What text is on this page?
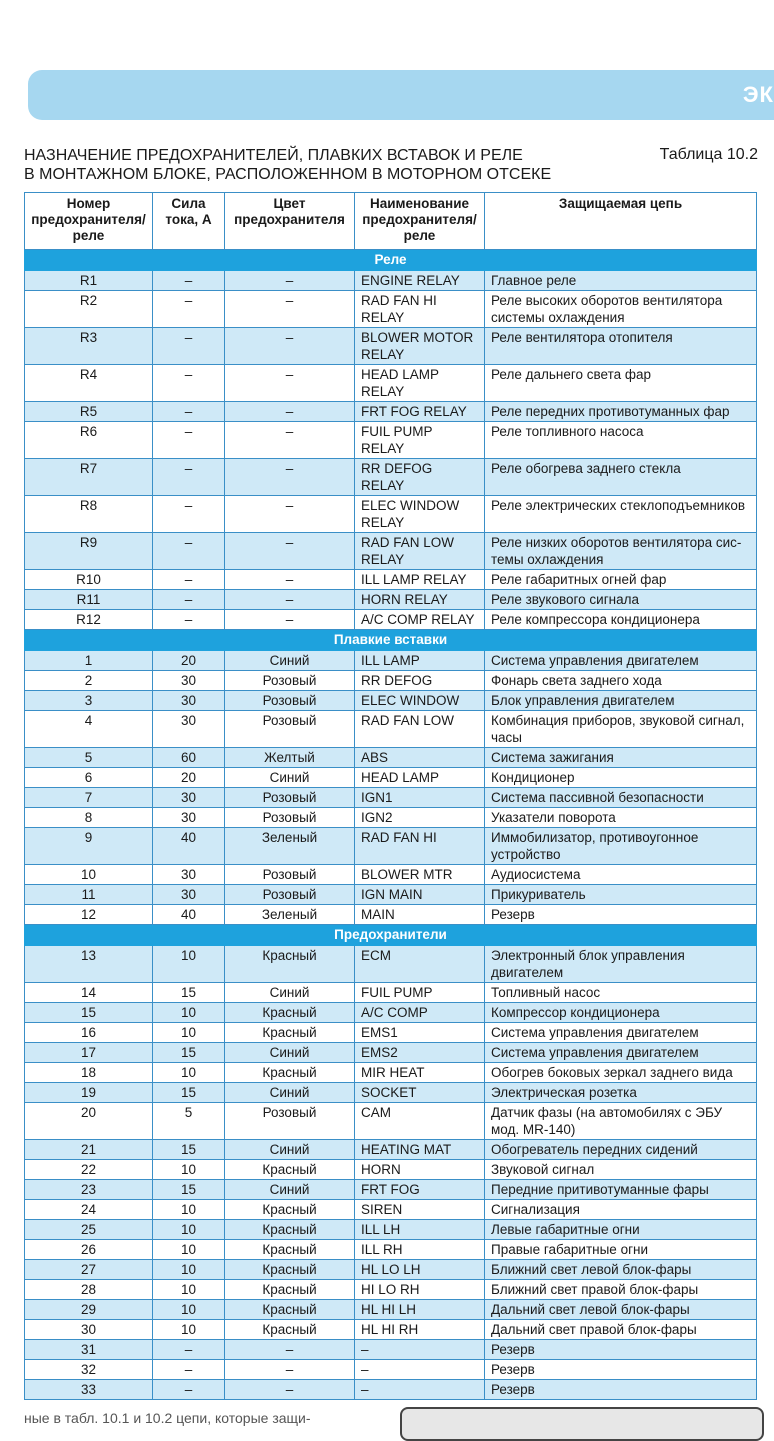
ЭК
НАЗНАЧЕНИЕ ПРЕДОХРАНИТЕЛЕЙ, ПЛАВКИХ ВСТАВОК И РЕЛЕ
В МОНТАЖНОМ БЛОКЕ, РАСПОЛОЖЕННОМ В МОТОРНОМ ОТСЕКЕ
Таблица 10.2
Номер предохранителя/ реле	Сила тока, А	Цвет предохранителя	Наименование предохранителя/ реле	Защищаемая цепь
Реле				
R1	–	–	ENGINE RELAY	Главное реле
R2	–	–	RAD FAN HI RELAY	Реле высоких оборотов вентилятора системы охлаждения
R3	–	–	BLOWER MOTOR RELAY	Реле вентилятора отопителя
R4	–	–	HEAD LAMP RELAY	Реле дальнего света фар
R5	–	–	FRT FOG RELAY	Реле передних противотуманных фар
R6	–	–	FUIL PUMP RELAY	Реле топливного насоса
R7	–	–	RR DEFOG RELAY	Реле обогрева заднего стекла
R8	–	–	ELEC WINDOW RELAY	Реле электрических стеклоподъемников
R9	–	–	RAD FAN LOW RELAY	Реле низких оборотов вентилятора сис-темы охлаждения
R10	–	–	ILL LAMP RELAY	Реле габаритных огней фар
R11	–	–	HORN RELAY	Реле звукового сигнала
R12	–	–	A/C COMP RELAY	Реле компрессора кондиционера
Плавкие вставки				
1	20	Синий	ILL LAMP	Система управления двигателем
2	30	Розовый	RR DEFOG	Фонарь света заднего хода
3	30	Розовый	ELEC WINDOW	Блок управления двигателем
4	30	Розовый	RAD FAN LOW	Комбинация приборов, звуковой сигнал, часы
5	60	Желтый	ABS	Система зажигания
6	20	Синий	HEAD LAMP	Кондиционер
7	30	Розовый	IGN1	Система пассивной безопасности
8	30	Розовый	IGN2	Указатели поворота
9	40	Зеленый	RAD FAN HI	Иммобилизатор, противоугонное устройство
10	30	Розовый	BLOWER MTR	Аудиосистема
11	30	Розовый	IGN MAIN	Прикуриватель
12	40	Зеленый	MAIN	Резерв
Предохранители				
13	10	Красный	ECM	Электронный блок управления двигателем
14	15	Синий	FUIL PUMP	Топливный насос
15	10	Красный	A/C COMP	Компрессор кондиционера
16	10	Красный	EMS1	Система управления двигателем
17	15	Синий	EMS2	Система управления двигателем
18	10	Красный	MIR HEAT	Обогрев боковых зеркал заднего вида
19	15	Синий	SOCKET	Электрическая розетка
20	5	Розовый	CAM	Датчик фазы (на автомобилях с ЭБУ мод. MR-140)
21	15	Синий	HEATING MAT	Обогреватель передних сидений
22	10	Красный	HORN	Звуковой сигнал
23	15	Синий	FRT FOG	Передние притивотуманные фары
24	10	Красный	SIREN	Сигнализация
25	10	Красный	ILL LH	Левые габаритные огни
26	10	Красный	ILL RH	Правые габаритные огни
27	10	Красный	HL LO LH	Ближний свет левой блок-фары
28	10	Красный	HI LO RH	Ближний свет правой блок-фары
29	10	Красный	HL HI LH	Дальний свет левой блок-фары
30	10	Красный	HL HI RH	Дальний свет правой блок-фары
31	–	–	–	Резерв
32	–	–	–	Резерв
33	–	–	–	Резерв
ные в табл. 10.1 и 10.2 цепи, которые защи-
